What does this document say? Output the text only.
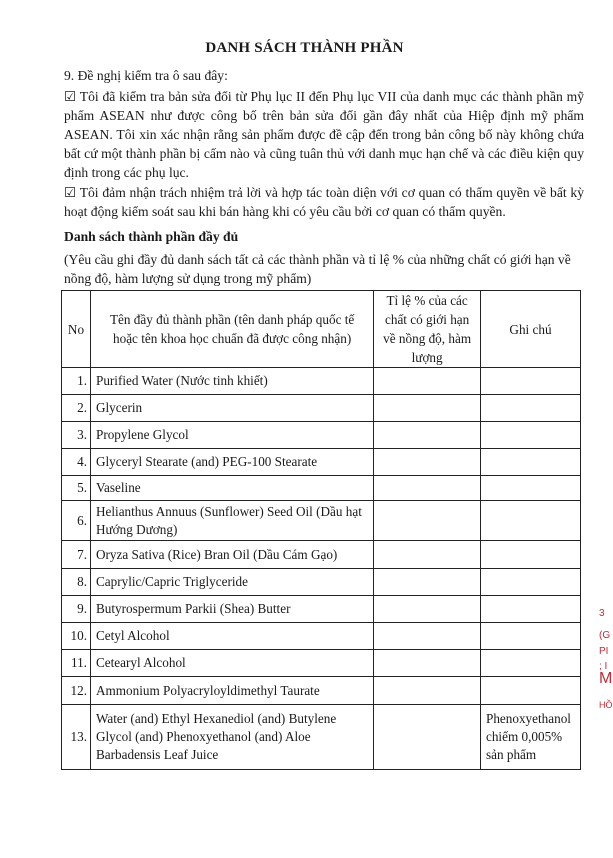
DANH SÁCH THÀNH PHẦN
9. Đề nghị kiểm tra ô sau đây:
☑ Tôi đã kiểm tra bản sửa đổi từ Phụ lục II đến Phụ lục VII của danh mục các thành phần mỹ phẩm ASEAN như được công bố trên bản sửa đổi gần đây nhất của Hiệp định mỹ phẩm ASEAN. Tôi xin xác nhận rằng sản phẩm được đề cập đến trong bản công bố này không chứa bất cứ một thành phần bị cấm nào và cũng tuân thủ với danh mục hạn chế và các điều kiện quy định trong các phụ lục.
☑ Tôi đảm nhận trách nhiệm trả lời và hợp tác toàn diện với cơ quan có thẩm quyền về bất kỳ hoạt động kiểm soát sau khi bán hàng khi có yêu cầu bởi cơ quan có thẩm quyền.
Danh sách thành phần đầy đủ
(Yêu cầu ghi đầy đủ danh sách tất cả các thành phần và tỉ lệ % của những chất có giới hạn về nồng độ, hàm lượng sử dụng trong mỹ phẩm)
No	Tên đầy đủ thành phần (tên danh pháp quốc tế hoặc tên khoa học chuẩn đã được công nhận)	Tỉ lệ % của các chất có giới hạn về nồng độ, hàm lượng	Ghi chú
1.	Purified Water (Nước tinh khiết)		
2.	Glycerin		
3.	Propylene Glycol		
4.	Glyceryl Stearate (and) PEG-100 Stearate		
5.	Vaseline		
6.	Helianthus Annuus (Sunflower) Seed Oil (Dầu hạt Hướng Dương)		
7.	Oryza Sativa (Rice) Bran Oil (Dầu Cám Gạo)		
8.	Caprylic/Capric Triglyceride		
9.	Butyrospermum Parkii (Shea) Butter		
10.	Cetyl Alcohol		
11.	Cetearyl Alcohol		
12.	Ammonium Polyacryloyldimethyl Taurate		
13.	Water (and) Ethyl Hexanediol (and) Butylene Glycol (and) Phenoxyethanol (and) Aloe Barbadensis Leaf Juice		Phenoxyethanol chiếm 0,005% sản phẩm
3
(G
PI
; I
M
HỒ
